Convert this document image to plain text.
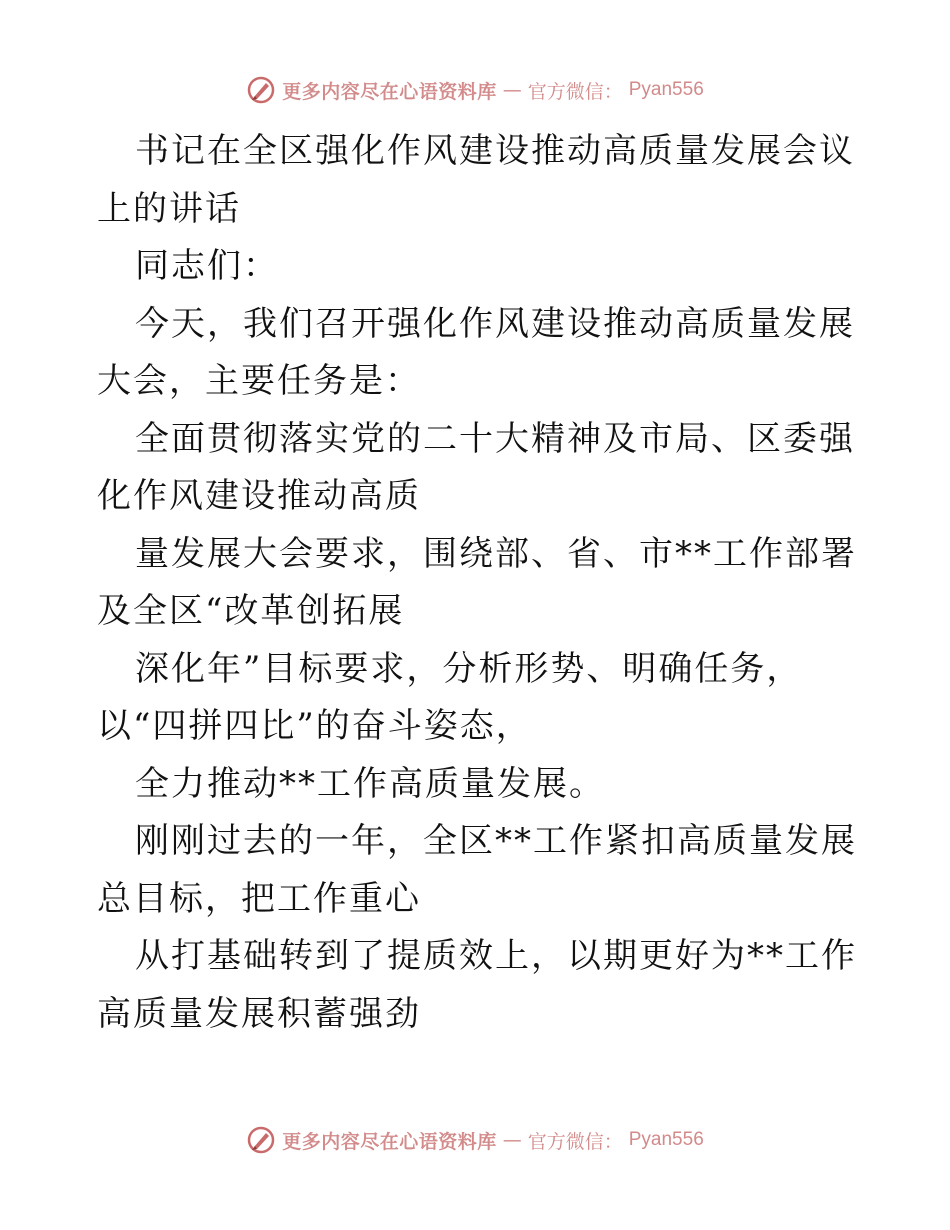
更多内容尽在心语资料库 — 官方微信： Pyan556

书记在全区强化作风建设推动高质量发展会议上的讲话

同志们：

今天，我们召开强化作风建设推动高质量发展大会，主要任务是：

全面贯彻落实党的二十大精神及市局、区委强化作风建设推动高质

量发展大会要求，围绕部、省、市**工作部署及全区“改革创拓展

深化年”目标要求，分析形势、明确任务，

以“四拼四比”的奋斗姿态，

全力推动**工作高质量发展。

刚刚过去的一年，全区**工作紧扣高质量发展总目标，把工作重心

从打基础转到了提质效上，以期更好为**工作高质量发展积蓄强劲

更多内容尽在心语资料库 — 官方微信： Pyan556
